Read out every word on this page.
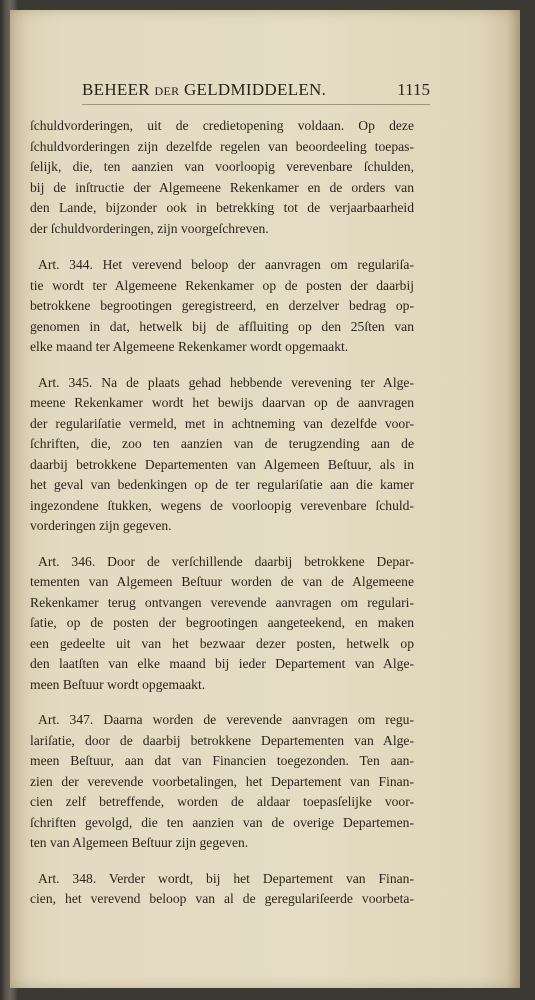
BEHEER DER GELDMIDDELEN.	1115
ſchuldvorderingen, uit de credietopening voldaan. Op deze
ſchuldvorderingen zijn dezelfde regelen van beoordeeling toepas-
ſelijk, die, ten aanzien van voorloopig verevenbare ſchulden,
bij de inſtructie der Algemeene Rekenkamer en de orders van
den Lande, bijzonder ook in betrekking tot de verjaarbaarheid
der ſchuldvorderingen, zijn voorgeſchreven.
Art. 344. Het verevend beloop der aanvragen om regulariſa-
tie wordt ter Algemeene Rekenkamer op de posten der daarbij
betrokkene begrootingen geregistreerd, en derzelver bedrag op-
genomen in dat, hetwelk bij de afſluiting op den 25ſten van
elke maand ter Algemeene Rekenkamer wordt opgemaakt.
Art. 345. Na de plaats gehad hebbende verevening ter Alge-
meene Rekenkamer wordt het bewijs daarvan op de aanvragen
der regulariſatie vermeld, met in achtneming van dezelfde voor-
ſchriften, die, zoo ten aanzien van de terugzending aan de
daarbij betrokkene Departementen van Algemeen Beſtuur, als in
het geval van bedenkingen op de ter regulariſatie aan die kamer
ingezondene ſtukken, wegens de voorloopig verevenbare ſchuld-
vorderingen zijn gegeven.
Art. 346. Door de verſchillende daarbij betrokkene Depar-
tementen van Algemeen Beſtuur worden de van de Algemeene
Rekenkamer terug ontvangen verevende aanvragen om regulari-
ſatie, op de posten der begrootingen aangeteekend, en maken
een gedeelte uit van het bezwaar dezer posten, hetwelk op
den laatſten van elke maand bij ieder Departement van Alge-
meen Beſtuur wordt opgemaakt.
Art. 347. Daarna worden de verevende aanvragen om regu-
lariſatie, door de daarbij betrokkene Departementen van Alge-
meen Beſtuur, aan dat van Financien toegezonden. Ten aan-
zien der verevende voorbetalingen, het Departement van Finan-
cien zelf betreffende, worden de aldaar toepasſelijke voor-
ſchriften gevolgd, die ten aanzien van de overige Departemen-
ten van Algemeen Beſtuur zijn gegeven.
Art. 348. Verder wordt, bij het Departement van Finan-
cien, het verevend beloop van al de geregulariſeerde voorbeta-
